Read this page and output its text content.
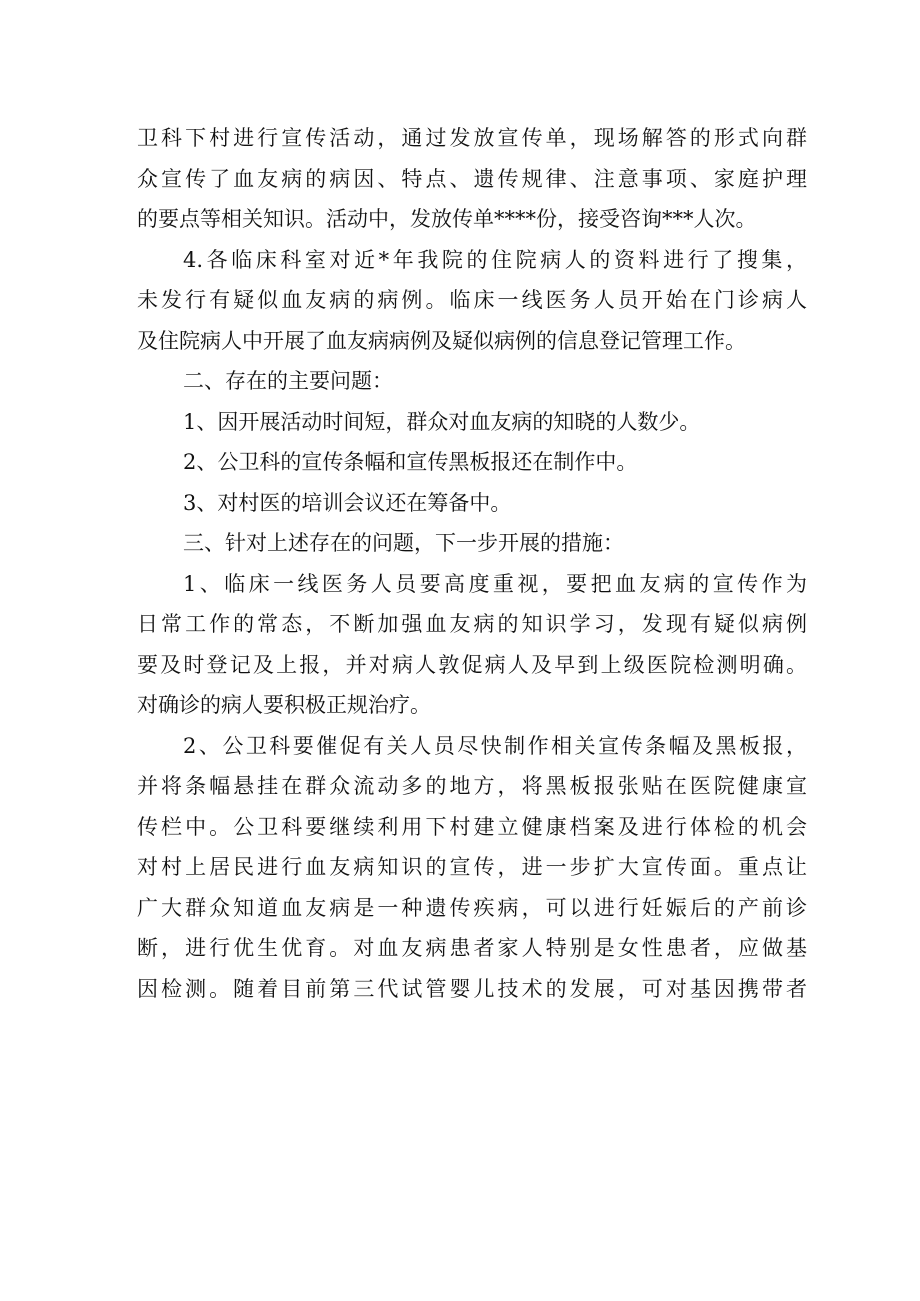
卫科下村进行宣传活动，通过发放宣传单，现场解答的形式向群
众宣传了血友病的病因、特点、遗传规律、注意事项、家庭护理
的要点等相关知识。活动中，发放传单****份，接受咨询***人次。
4.各临床科室对近*年我院的住院病人的资料进行了搜集，
未发行有疑似血友病的病例。临床一线医务人员开始在门诊病人
及住院病人中开展了血友病病例及疑似病例的信息登记管理工作。
二、存在的主要问题：
1、因开展活动时间短，群众对血友病的知晓的人数少。
2、公卫科的宣传条幅和宣传黑板报还在制作中。
3、对村医的培训会议还在筹备中。
三、针对上述存在的问题，下一步开展的措施：
1、临床一线医务人员要高度重视，要把血友病的宣传作为
日常工作的常态，不断加强血友病的知识学习，发现有疑似病例
要及时登记及上报，并对病人敦促病人及早到上级医院检测明确。
对确诊的病人要积极正规治疗。
2、公卫科要催促有关人员尽快制作相关宣传条幅及黑板报，
并将条幅悬挂在群众流动多的地方，将黑板报张贴在医院健康宣
传栏中。公卫科要继续利用下村建立健康档案及进行体检的机会
对村上居民进行血友病知识的宣传，进一步扩大宣传面。重点让
广大群众知道血友病是一种遗传疾病，可以进行妊娠后的产前诊
断，进行优生优育。对血友病患者家人特别是女性患者，应做基
因检测。随着目前第三代试管婴儿技术的发展，可对基因携带者
